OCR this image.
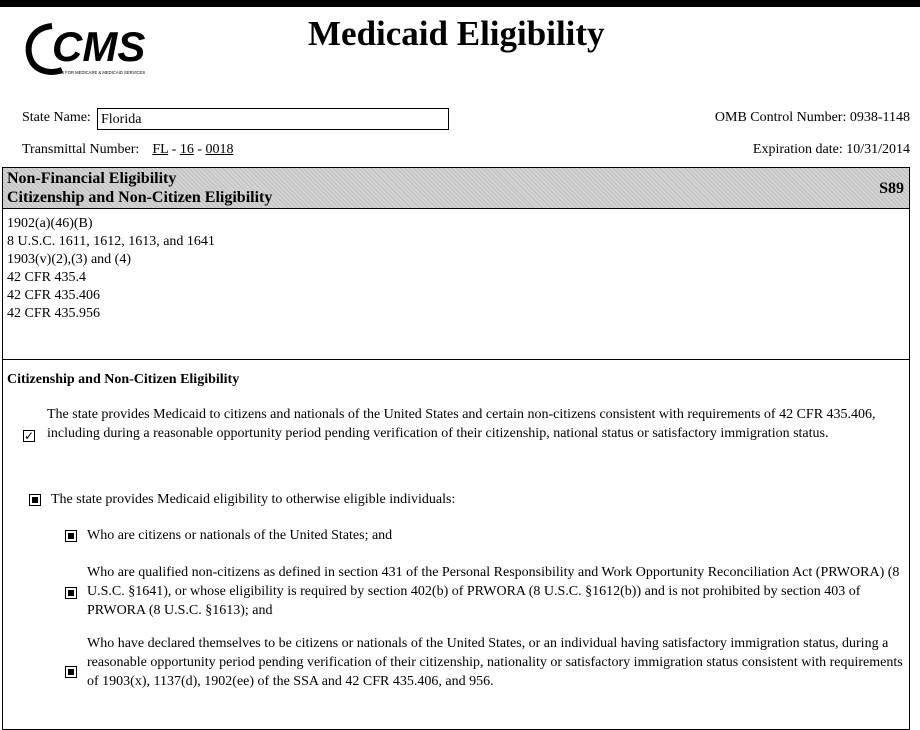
CMS
CENTERS FOR MEDICARE & MEDICAID SERVICES
Medicaid Eligibility
State Name: Florida	OMB Control Number: 0938-1148
Transmittal Number: FL - 16 - 0018	Expiration date: 10/31/2014
Non-Financial Eligibility
Citizenship and Non-Citizen Eligibility
S89
1902(a)(46)(B)
8 U.S.C. 1611, 1612, 1613, and 1641
1903(v)(2),(3) and (4)
42 CFR 435.4
42 CFR 435.406
42 CFR 435.956
Citizenship and Non-Citizen Eligibility
✓
The state provides Medicaid to citizens and nationals of the United States and certain non-citizens consistent with requirements of 42 CFR 435.406, including during a reasonable opportunity period pending verification of their citizenship, national status or satisfactory immigration status.
The state provides Medicaid eligibility to otherwise eligible individuals:
Who are citizens or nationals of the United States; and
Who are qualified non-citizens as defined in section 431 of the Personal Responsibility and Work Opportunity Reconciliation Act (PRWORA) (8 U.S.C. §1641), or whose eligibility is required by section 402(b) of PRWORA (8 U.S.C. §1612(b)) and is not prohibited by section 403 of PRWORA (8 U.S.C. §1613); and
Who have declared themselves to be citizens or nationals of the United States, or an individual having satisfactory immigration status, during a reasonable opportunity period pending verification of their citizenship, nationality or satisfactory immigration status consistent with requirements of 1903(x), 1137(d), 1902(ee) of the SSA and 42 CFR 435.406, and 956.
